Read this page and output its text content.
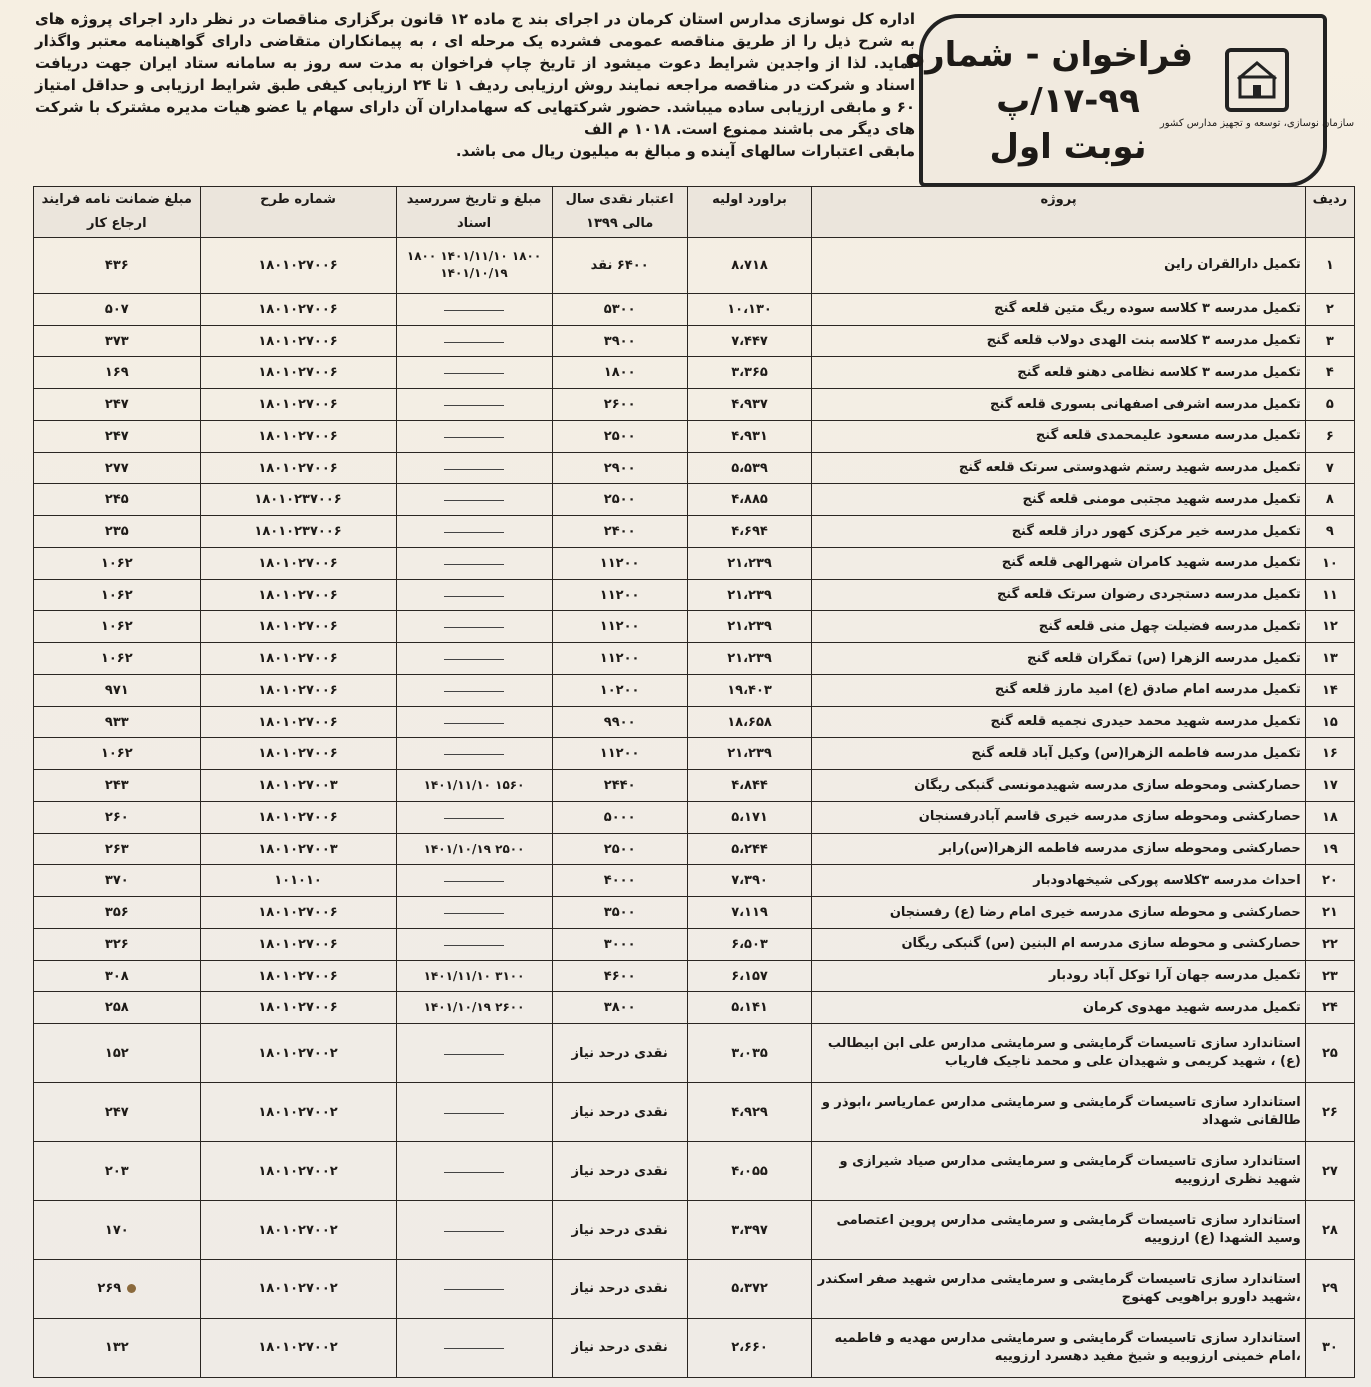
سازمان نوسازی، توسعه و تجهیز مدارس کشور
فراخوان - شماره
۱۷-۹۹/پ
نوبت اول

اداره کل نوسازی مدارس استان کرمان در اجرای بند ج ماده ۱۲ قانون برگزاری مناقصات در نظر دارد اجرای پروژه های به شرح ذیل را از طریق مناقصه عمومی فشرده یک مرحله ای ، به پیمانکاران متقاضی دارای گواهینامه معتبر واگذار نماید. لذا از واجدین شرایط دعوت میشود از تاریخ چاپ فراخوان به مدت سه روز به سامانه ستاد ایران جهت دریافت اسناد و شرکت در مناقصه مراجعه نمایند روش ارزیابی ردیف ۱ تا ۲۴ ارزیابی کیفی طبق شرایط ارزیابی و حداقل امتیاز ۶۰ و مابقی ارزیابی ساده میباشد. حضور شرکتهایی که سهامداران آن دارای سهام یا عضو هیات مدیره مشترک با شرکت های دیگر می باشند ممنوع است. ۱۰۱۸ م الف

مابقی اعتبارات سالهای آینده و مبالغ به میلیون ریال می باشد.

ردیف	پروژه	براورد اولیه	اعتبار نقدی سال مالی ۱۳۹۹	مبلغ و تاریخ سررسید اسناد	شماره طرح	مبلغ ضمانت نامه فرایند ارجاع کار
۱	تکمیل دارالقران راین	۸،۷۱۸	۶۴۰۰ نقد	۱۸۰۰ ۱۴۰۱/۱۱/۱۰ ۱۸۰۰ ۱۴۰۱/۱۰/۱۹	۱۸۰۱۰۲۷۰۰۶	۴۳۶
۲	تکمیل مدرسه ۳ کلاسه سوده ریگ متین قلعه گنج	۱۰،۱۳۰	۵۳۰۰		۱۸۰۱۰۲۷۰۰۶	۵۰۷
۳	تکمیل مدرسه ۳ کلاسه بنت الهدی دولاب قلعه گنج	۷،۴۴۷	۳۹۰۰		۱۸۰۱۰۲۷۰۰۶	۳۷۳
۴	تکمیل مدرسه ۳ کلاسه نظامی دهنو قلعه گنج	۳،۳۶۵	۱۸۰۰		۱۸۰۱۰۲۷۰۰۶	۱۶۹
۵	تکمیل مدرسه اشرفی اصفهانی بسوری قلعه گنج	۴،۹۳۷	۲۶۰۰		۱۸۰۱۰۲۷۰۰۶	۲۴۷
۶	تکمیل مدرسه مسعود علیمحمدی قلعه گنج	۴،۹۳۱	۲۵۰۰		۱۸۰۱۰۲۷۰۰۶	۲۴۷
۷	تکمیل مدرسه شهید رستم شهدوستی سرتک قلعه گنج	۵،۵۳۹	۲۹۰۰		۱۸۰۱۰۲۷۰۰۶	۲۷۷
۸	تکمیل مدرسه شهید مجتبی مومنی قلعه گنج	۴،۸۸۵	۲۵۰۰		۱۸۰۱۰۲۳۷۰۰۶	۲۴۵
۹	تکمیل مدرسه خیر مرکزی کهور دراز قلعه گنج	۴،۶۹۴	۲۴۰۰		۱۸۰۱۰۲۳۷۰۰۶	۲۳۵
۱۰	تکمیل مدرسه شهید کامران شهرالهی قلعه گنج	۲۱،۲۳۹	۱۱۲۰۰		۱۸۰۱۰۲۷۰۰۶	۱۰۶۲
۱۱	تکمیل مدرسه دستجردی رضوان سرتک قلعه گنج	۲۱،۲۳۹	۱۱۲۰۰		۱۸۰۱۰۲۷۰۰۶	۱۰۶۲
۱۲	تکمیل مدرسه فضیلت چهل منی قلعه گنج	۲۱،۲۳۹	۱۱۲۰۰		۱۸۰۱۰۲۷۰۰۶	۱۰۶۲
۱۳	تکمیل مدرسه الزهرا (س) تمگران قلعه گنج	۲۱،۲۳۹	۱۱۲۰۰		۱۸۰۱۰۲۷۰۰۶	۱۰۶۲
۱۴	تکمیل مدرسه امام صادق (ع) امید مارز قلعه گنج	۱۹،۴۰۳	۱۰۲۰۰		۱۸۰۱۰۲۷۰۰۶	۹۷۱
۱۵	تکمیل مدرسه شهید محمد حیدری نجمیه قلعه گنج	۱۸،۶۵۸	۹۹۰۰		۱۸۰۱۰۲۷۰۰۶	۹۳۳
۱۶	تکمیل مدرسه فاطمه الزهرا(س) وکیل آباد قلعه گنج	۲۱،۲۳۹	۱۱۲۰۰		۱۸۰۱۰۲۷۰۰۶	۱۰۶۲
۱۷	حصارکشی ومحوطه سازی مدرسه شهیدمونسی گنبکی ریگان	۴،۸۴۴	۲۴۴۰	۱۵۶۰ ۱۴۰۱/۱۱/۱۰	۱۸۰۱۰۲۷۰۰۳	۲۴۳
۱۸	حصارکشی ومحوطه سازی مدرسه خیری قاسم آبادرفسنجان	۵،۱۷۱	۵۰۰۰		۱۸۰۱۰۲۷۰۰۶	۲۶۰
۱۹	حصارکشی ومحوطه سازی مدرسه فاطمه الزهرا(س)رابر	۵،۲۴۴	۲۵۰۰	۲۵۰۰ ۱۴۰۱/۱۰/۱۹	۱۸۰۱۰۲۷۰۰۳	۲۶۳
۲۰	احداث مدرسه ۳کلاسه پورکی شیخهادودبار	۷،۳۹۰	۴۰۰۰		۱۰۱۰۱۰	۳۷۰
۲۱	حصارکشی و محوطه سازی مدرسه خیری امام رضا (ع) رفسنجان	۷،۱۱۹	۳۵۰۰		۱۸۰۱۰۲۷۰۰۶	۳۵۶
۲۲	حصارکشی و محوطه سازی مدرسه ام البنین (س) گنبکی ریگان	۶،۵۰۳	۳۰۰۰		۱۸۰۱۰۲۷۰۰۶	۳۲۶
۲۳	تکمیل مدرسه جهان آرا توکل آباد رودبار	۶،۱۵۷	۴۶۰۰	۳۱۰۰ ۱۴۰۱/۱۱/۱۰	۱۸۰۱۰۲۷۰۰۶	۳۰۸
۲۴	تکمیل مدرسه شهید مهدوی کرمان	۵،۱۴۱	۳۸۰۰	۲۶۰۰ ۱۴۰۱/۱۰/۱۹	۱۸۰۱۰۲۷۰۰۶	۲۵۸
۲۵	استاندارد سازی تاسیسات گرمایشی و سرمایشی مدارس علی ابن ابیطالب (ع) ، شهید کریمی و شهیدان علی و محمد ناجیک فاریاب	۳،۰۳۵	نقدی درحد نیاز		۱۸۰۱۰۲۷۰۰۲	۱۵۲
۲۶	استاندارد سازی تاسیسات گرمایشی و سرمایشی مدارس عماریاسر ،ابوذر و طالقانی شهداد	۴،۹۲۹	نقدی درحد نیاز		۱۸۰۱۰۲۷۰۰۲	۲۴۷
۲۷	استاندارد سازی تاسیسات گرمایشی و سرمایشی مدارس صیاد شیرازی و شهید نظری ارزوییه	۴،۰۵۵	نقدی درحد نیاز		۱۸۰۱۰۲۷۰۰۲	۲۰۳
۲۸	استاندارد سازی تاسیسات گرمایشی و سرمایشی مدارس پروین اعتصامی وسید الشهدا (ع) ارزوییه	۳،۳۹۷	نقدی درحد نیاز		۱۸۰۱۰۲۷۰۰۲	۱۷۰
۲۹	استاندارد سازی تاسیسات گرمایشی و سرمایشی مدارس شهید صفر اسکندر ،شهید داورو براهویی کهنوج	۵،۳۷۲	نقدی درحد نیاز		۱۸۰۱۰۲۷۰۰۲	۲۶۹
۳۰	استاندارد سازی تاسیسات گرمایشی و سرمایشی مدارس مهدیه و فاطمیه ،امام خمینی ارزوییه و شیخ مفید دهسرد ارزوییه	۲،۶۶۰	نقدی درحد نیاز		۱۸۰۱۰۲۷۰۰۲	۱۳۲
